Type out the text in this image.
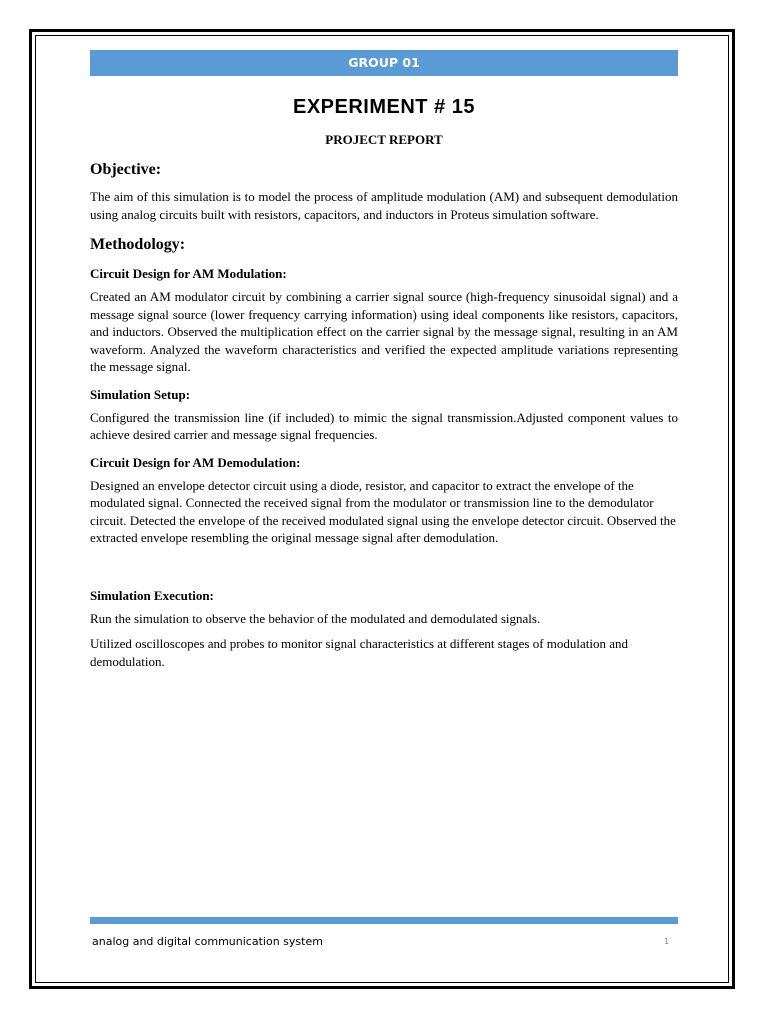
GROUP 01
EXPERIMENT # 15
PROJECT REPORT
Objective:

The aim of this simulation is to model the process of amplitude modulation (AM) and subsequent demodulation using analog circuits built with resistors, capacitors, and inductors in Proteus simulation software.

Methodology:
Circuit Design for AM Modulation:

Created an AM modulator circuit by combining a carrier signal source (high-frequency sinusoidal signal) and a message signal source (lower frequency carrying information) using ideal components like resistors, capacitors, and inductors. Observed the multiplication effect on the carrier signal by the message signal, resulting in an AM waveform. Analyzed the waveform characteristics and verified the expected amplitude variations representing the message signal.

Simulation Setup:

Configured the transmission line (if included) to mimic the signal transmission.Adjusted component values to achieve desired carrier and message signal frequencies.

Circuit Design for AM Demodulation:

Designed an envelope detector circuit using a diode, resistor, and capacitor to extract the envelope of the modulated signal. Connected the received signal from the modulator or transmission line to the demodulator circuit. Detected the envelope of the received modulated signal using the envelope detector circuit. Observed the extracted envelope resembling the original message signal after demodulation.

Simulation Execution:

Run the simulation to observe the behavior of the modulated and demodulated signals.

Utilized oscilloscopes and probes to monitor signal characteristics at different stages of modulation and demodulation.

analog and digital communication system	1
